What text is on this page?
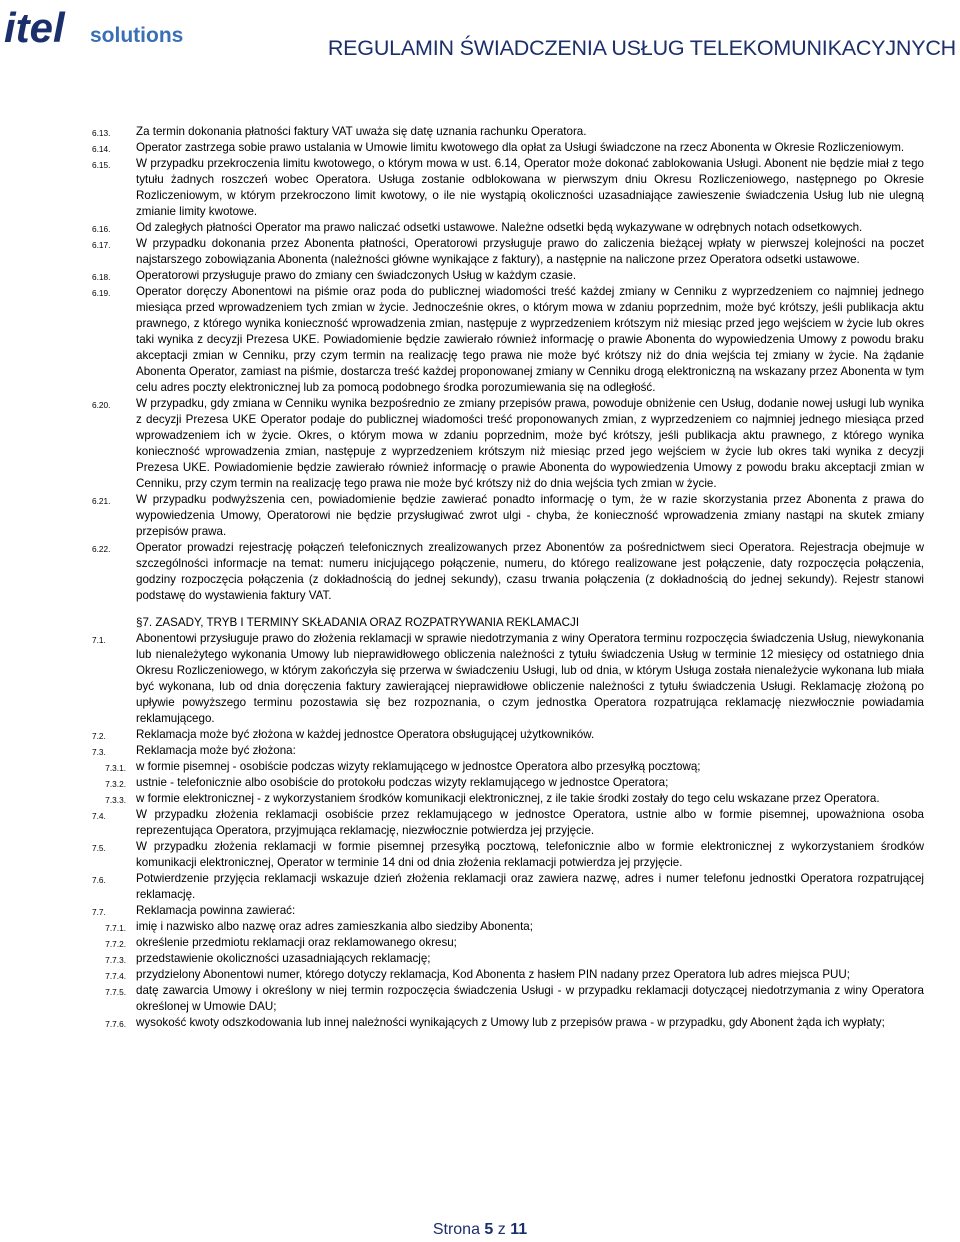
itel solutions
REGULAMIN ŚWIADCZENIA USŁUG TELEKOMUNIKACYJNYCH
6.13.	Za termin dokonania płatności faktury VAT uważa się datę uznania rachunku Operatora.
6.14.	Operator zastrzega sobie prawo ustalania w Umowie limitu kwotowego dla opłat za Usługi świadczone na rzecz Abonenta w Okresie Rozliczeniowym.
6.15.	W przypadku przekroczenia limitu kwotowego, o którym mowa w ust. 6.14, Operator może dokonać zablokowania Usługi. Abonent nie będzie miał z tego tytułu żadnych roszczeń wobec Operatora. Usługa zostanie odblokowana w pierwszym dniu Okresu Rozliczeniowego, następnego po Okresie Rozliczeniowym, w którym przekroczono limit kwotowy, o ile nie wystąpią okoliczności uzasadniające zawieszenie świadczenia Usług lub nie ulegną zmianie limity kwotowe.
6.16.	Od zaległych płatności Operator ma prawo naliczać odsetki ustawowe. Należne odsetki będą wykazywane w odrębnych notach odsetkowych.
6.17.	W przypadku dokonania przez Abonenta płatności, Operatorowi przysługuje prawo do zaliczenia bieżącej wpłaty w pierwszej kolejności na poczet najstarszego zobowiązania Abonenta (należności główne wynikające z faktury), a następnie na naliczone przez Operatora odsetki ustawowe.
6.18.	Operatorowi przysługuje prawo do zmiany cen świadczonych Usług w każdym czasie.
6.19.	Operator doręczy Abonentowi na piśmie oraz poda do publicznej wiadomości treść każdej zmiany w Cenniku z wyprzedzeniem co najmniej jednego miesiąca przed wprowadzeniem tych zmian w życie. Jednocześnie okres, o którym mowa w zdaniu poprzednim, może być krótszy, jeśli publikacja aktu prawnego, z którego wynika konieczność wprowadzenia zmian, następuje z wyprzedzeniem krótszym niż miesiąc przed jego wejściem w życie lub okres taki wynika z decyzji Prezesa UKE. Powiadomienie będzie zawierało również informację o prawie Abonenta do wypowiedzenia Umowy z powodu braku akceptacji zmian w Cenniku, przy czym termin na realizację tego prawa nie może być krótszy niż do dnia wejścia tej zmiany w życie. Na żądanie Abonenta Operator, zamiast na piśmie, dostarcza treść każdej proponowanej zmiany w Cenniku drogą elektroniczną na wskazany przez Abonenta w tym celu adres poczty elektronicznej lub za pomocą podobnego środka porozumiewania się na odległość.
6.20.	W przypadku, gdy zmiana w Cenniku wynika bezpośrednio ze zmiany przepisów prawa, powoduje obniżenie cen Usług, dodanie nowej usługi lub wynika z decyzji Prezesa UKE Operator podaje do publicznej wiadomości treść proponowanych zmian, z wyprzedzeniem co najmniej jednego miesiąca przed wprowadzeniem ich w życie. Okres, o którym mowa w zdaniu poprzednim, może być krótszy, jeśli publikacja aktu prawnego, z którego wynika konieczność wprowadzenia zmian, następuje z wyprzedzeniem krótszym niż miesiąc przed jego wejściem w życie lub okres taki wynika z decyzji Prezesa UKE. Powiadomienie będzie zawierało również informację o prawie Abonenta do wypowiedzenia Umowy z powodu braku akceptacji zmian w Cenniku, przy czym termin na realizację tego prawa nie może być krótszy niż do dnia wejścia tych zmian w życie.
6.21.	W przypadku podwyższenia cen, powiadomienie będzie zawierać ponadto informację o tym, że w razie skorzystania przez Abonenta z prawa do wypowiedzenia Umowy, Operatorowi nie będzie przysługiwać zwrot ulgi - chyba, że konieczność wprowadzenia zmiany nastąpi na skutek zmiany przepisów prawa.
6.22.	Operator prowadzi rejestrację połączeń telefonicznych zrealizowanych przez Abonentów za pośrednictwem sieci Operatora. Rejestracja obejmuje w szczególności informacje na temat: numeru inicjującego połączenie, numeru, do którego realizowane jest połączenie, daty rozpoczęcia połączenia, godziny rozpoczęcia połączenia (z dokładnością do jednej sekundy), czasu trwania połączenia (z dokładnością do jednej sekundy). Rejestr stanowi podstawę do wystawienia faktury VAT.
§7. ZASADY, TRYB I TERMINY SKŁADANIA ORAZ ROZPATRYWANIA REKLAMACJI
7.1.	Abonentowi przysługuje prawo do złożenia reklamacji w sprawie niedotrzymania z winy Operatora terminu rozpoczęcia świadczenia Usług, niewykonania lub nienależytego wykonania Umowy lub nieprawidłowego obliczenia należności z tytułu świadczenia Usług w terminie 12 miesięcy od ostatniego dnia Okresu Rozliczeniowego, w którym zakończyła się przerwa w świadczeniu Usługi, lub od dnia, w którym Usługa została nienależycie wykonana lub miała być wykonana, lub od dnia doręczenia faktury zawierającej nieprawidłowe obliczenie należności z tytułu świadczenia Usługi. Reklamację złożoną po upływie powyższego terminu pozostawia się bez rozpoznania, o czym jednostka Operatora rozpatrująca reklamację niezwłocznie powiadamia reklamującego.
7.2.	Reklamacja może być złożona w każdej jednostce Operatora obsługującej użytkowników.
7.3.	Reklamacja może być złożona:
7.3.1. w formie pisemnej - osobiście podczas wizyty reklamującego w jednostce Operatora albo przesyłką pocztową;
7.3.2. ustnie - telefonicznie albo osobiście do protokołu podczas wizyty reklamującego w jednostce Operatora;
7.3.3. w formie elektronicznej - z wykorzystaniem środków komunikacji elektronicznej, z ile takie środki zostały do tego celu wskazane przez Operatora.
7.4.	W przypadku złożenia reklamacji osobiście przez reklamującego w jednostce Operatora, ustnie albo w formie pisemnej, upoważniona osoba reprezentująca Operatora, przyjmująca reklamację, niezwłocznie potwierdza jej przyjęcie.
7.5.	W przypadku złożenia reklamacji w formie pisemnej przesyłką pocztową, telefonicznie albo w formie elektronicznej z wykorzystaniem środków komunikacji elektronicznej, Operator w terminie 14 dni od dnia złożenia reklamacji potwierdza jej przyjęcie.
7.6.	Potwierdzenie przyjęcia reklamacji wskazuje dzień złożenia reklamacji oraz zawiera nazwę, adres i numer telefonu jednostki Operatora rozpatrującej reklamację.
7.7.	Reklamacja powinna zawierać:
7.7.1. imię i nazwisko albo nazwę oraz adres zamieszkania albo siedziby Abonenta;
7.7.2. określenie przedmiotu reklamacji oraz reklamowanego okresu;
7.7.3. przedstawienie okoliczności uzasadniających reklamację;
7.7.4. przydzielony Abonentowi numer, którego dotyczy reklamacja, Kod Abonenta z hasłem PIN nadany przez Operatora lub adres miejsca PUU;
7.7.5. datę zawarcia Umowy i określony w niej termin rozpoczęcia świadczenia Usługi - w przypadku reklamacji dotyczącej niedotrzymania z winy Operatora określonej w Umowie DAU;
7.7.6. wysokość kwoty odszkodowania lub innej należności wynikających z Umowy lub z przepisów prawa - w przypadku, gdy Abonent żąda ich wypłaty;
Strona 5 z 11
